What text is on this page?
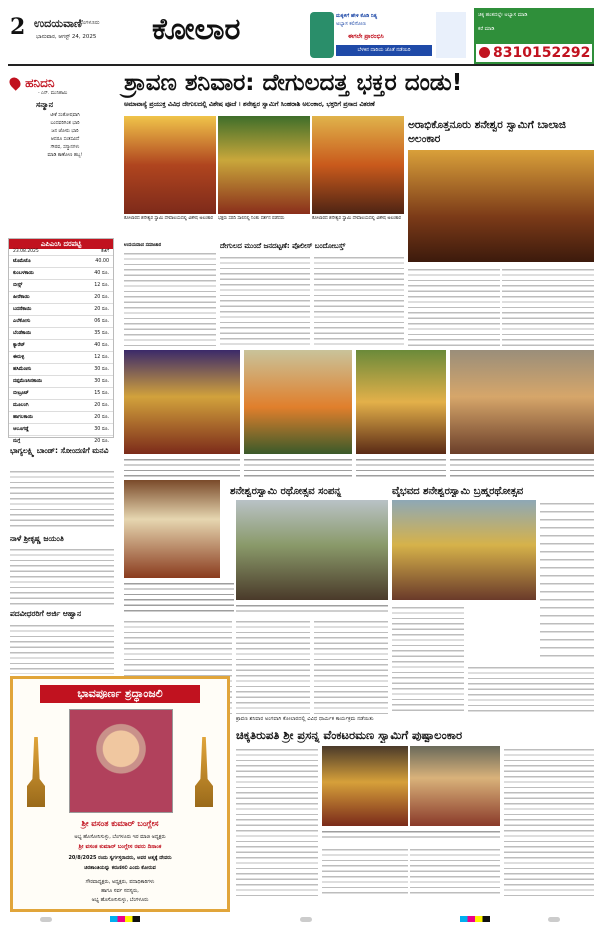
2 ಉದಯವಾಣಿ
ಬೆಂಗಳೂರು
ಭಾನುವಾರ, ಆಗಸ್ಟ್ 24, 2025 ಕೋಲಾರ	ಮಕ್ಕಳಿಗೆ ಹೇಳಿ ಕೊಡಿ ನಿತ್ಯ
ಅಭ್ಯಾಸ ಕಲಿಸೋಣ
ಈಗಲೇ ಪ್ರಾರಂಭಿಸಿ
ಬೆಳಕಿನ ದಾರಿಯ ಜೊತೆ ನಡೆಯಿರಿ
ಚಿಕ್ಕ ಹಂತದಲ್ಲೇ ಅಭ್ಯಾಸ ಮಾಡಿ
ಕರೆ ಮಾಡಿ
8310152292
ಹನಿದನಿ
- ಎನ್. ಮುನಿಶಾಮಿ
ಸನ್ಮಾನ
ಟೀಕೆ ಸಂತೋಷವಾಗಿ
ಬಂದವರಿಗಿಂತ ಭಾರಿ
ಜನ ಜೋರು ಭಾರಿ
ಆದರೂ ಸಂತಸವಿದೆ
ಗೌರವ, ಸನ್ಮಾನಗಳು
ಮಾಡಿ ಕಾಣೋಣ ಹಬ್ಬ!
ಎಪಿಎಂಸಿ ದರಪಟ್ಟಿ
23.08.2025	ಕೆಜಿಗೆ
ಟೊಮೆಟೊ	40.00
ಕುಂಬಳಕಾಯಿ	40 ರೂ.
ಬೀನ್ಸ್	12 ರೂ.
ಹೀರೆಕಾಯಿ	20 ರೂ.
ಬದನೆಕಾಯಿ	20 ರೂ.
ಎಲೆಕೋಸು	06 ರೂ.
ಬೆಂಡೆಕಾಯಿ	35 ರೂ.
ಕ್ಯಾರೆಟ್	40 ರೂ.
ಈರುಳ್ಳಿ	12 ರೂ.
ಹಸಿಮೆಣಸು	30 ರೂ.
ದಪ್ಪಮೆಣಸಿನಕಾಯಿ	30 ರೂ.
ಬೀಟ್ರೂಟ್	15 ರೂ.
ಮೂಲಂಗಿ	20 ರೂ.
ಹಾಗಲಕಾಯಿ	20 ರೂ.
ಆಲೂಗಡ್ಡೆ	30 ರೂ.
ನುಗ್ಗೆ	20 ರೂ.
ಭಾಗ್ಯಲಕ್ಷ್ಮಿ ಬಾಂಡ್: ಸೋಂದಣಿಗೆ ಮನವಿ
ನಾಳೆ ಶ್ರೀಕೃಷ್ಣ ಜಯಂತಿ
ಪದವೀಧರರಿಗೆ ಅರ್ಜಿ ಆಹ್ವಾನ
ಶ್ರಾವಣ ಶನಿವಾರ: ದೇಗುಲದತ್ತ ಭಕ್ತರ ದಂಡು!
ಅಮಾವಾಸ್ಯೆ ಪ್ರಯುಕ್ತ ವಿವಿಧ ದೇಗುಲದಲ್ಲಿ ವಿಶೇಷ ಪೂಜೆ । ಶನೇಶ್ವರ ಸ್ವಾಮಿಗೆ ಸಿಂಹರಾಶಿ ಅಲಂಕಾರ, ಭಕ್ತರಿಗೆ ಪ್ರಸಾದ ವಿತರಣೆ
ಅರಾಭಿಕೊತ್ತನೂರು ಶನೇಶ್ವರ ಸ್ವಾಮಿಗೆ ಬಾಲಾಜಿ ಅಲಂಕಾರ
ಕೋಲಾರದ ಶನೇಶ್ವರ ಸ್ವಾಮಿ ದೇವಾಲಯದಲ್ಲಿ ವಿಶೇಷ ಅಲಂಕಾರ	ಭಕ್ತರು ಸರದಿ ಸಾಲಿನಲ್ಲಿ ನಿಂತು ದರ್ಶನ ಪಡೆದರು	ಕೋಲಾರದ ಶನೇಶ್ವರ ಸ್ವಾಮಿ ದೇವಾಲಯದಲ್ಲಿ ವಿಶೇಷ ಅಲಂಕಾರ
ಉದಯವಾಣಿ ಸಮಾಚಾರ	ದೇಗುಲದ ಮುಂದೆ ಜನದಟ್ಟಣೆ: ಪೊಲೀಸ್ ಬಂದೋಬಸ್ತ್
ಶನೇಶ್ವರಸ್ವಾಮಿ ರಥೋತ್ಸವ ಸಂಪನ್ನ	ವೈಭವದ ಶನೇಶ್ವರಸ್ವಾಮಿ ಬ್ರಹ್ಮರಥೋತ್ಸವ
ಶ್ರಾವಣ ಶನಿವಾರ ಅಂಗವಾಗಿ ಕೋಲಾರದಲ್ಲಿ ವಿವಿಧ ಧಾರ್ಮಿಕ ಕಾರ್ಯಕ್ರಮ ನಡೆಯಿತು
ಚಿಕ್ಕತಿರುಪತಿ ಶ್ರೀ ಪ್ರಸನ್ನ ವೆಂಕಟರಮಣ ಸ್ವಾಮಿಗೆ ಪುಷ್ಪಾಲಂಕಾರ
ಭಾವಪೂರ್ಣ ಶ್ರದ್ಧಾಂಜಲಿ
ಶ್ರೀ ವಸಂತ ಕುಮಾರ್ ಬಂಗ್ಲೇಸ
ಅಭ್ಯ ಹೊಸೋನಿಸುಳ್ಳು, ಬೆಂಗಳೂರು ಇರ ಮಾಜಿ ಅಧ್ಯಕ್ಷರು
ಶ್ರೀ ವಸಂತ ಕುಮಾರ್ ಬಂಗ್ಲೇಸ ರವರು ದಿನಾಂಕ
20/8/2025 ರಂದು ಸ್ವರ್ಗಸ್ತರಾದರು, ಅವರ ಆತ್ಮಕ್ಕೆ ದೇವರು
ಚಿರಶಾಂತಿಯನ್ನು ಕರುಣಿಸಲಿ ಎಂದು ಕೋರುವ
ಗೌರವಾಧ್ಯಕ್ಷರು, ಅಧ್ಯಕ್ಷರು, ಪದಾಧಿಕಾರಿಗಳು
ಹಾಗೂ ಸರ್ವ ಸದಸ್ಯರು,
ಅಭ್ಯ ಹೊಸೋನಿಸುಳ್ಳು, ಬೆಂಗಳೂರು
